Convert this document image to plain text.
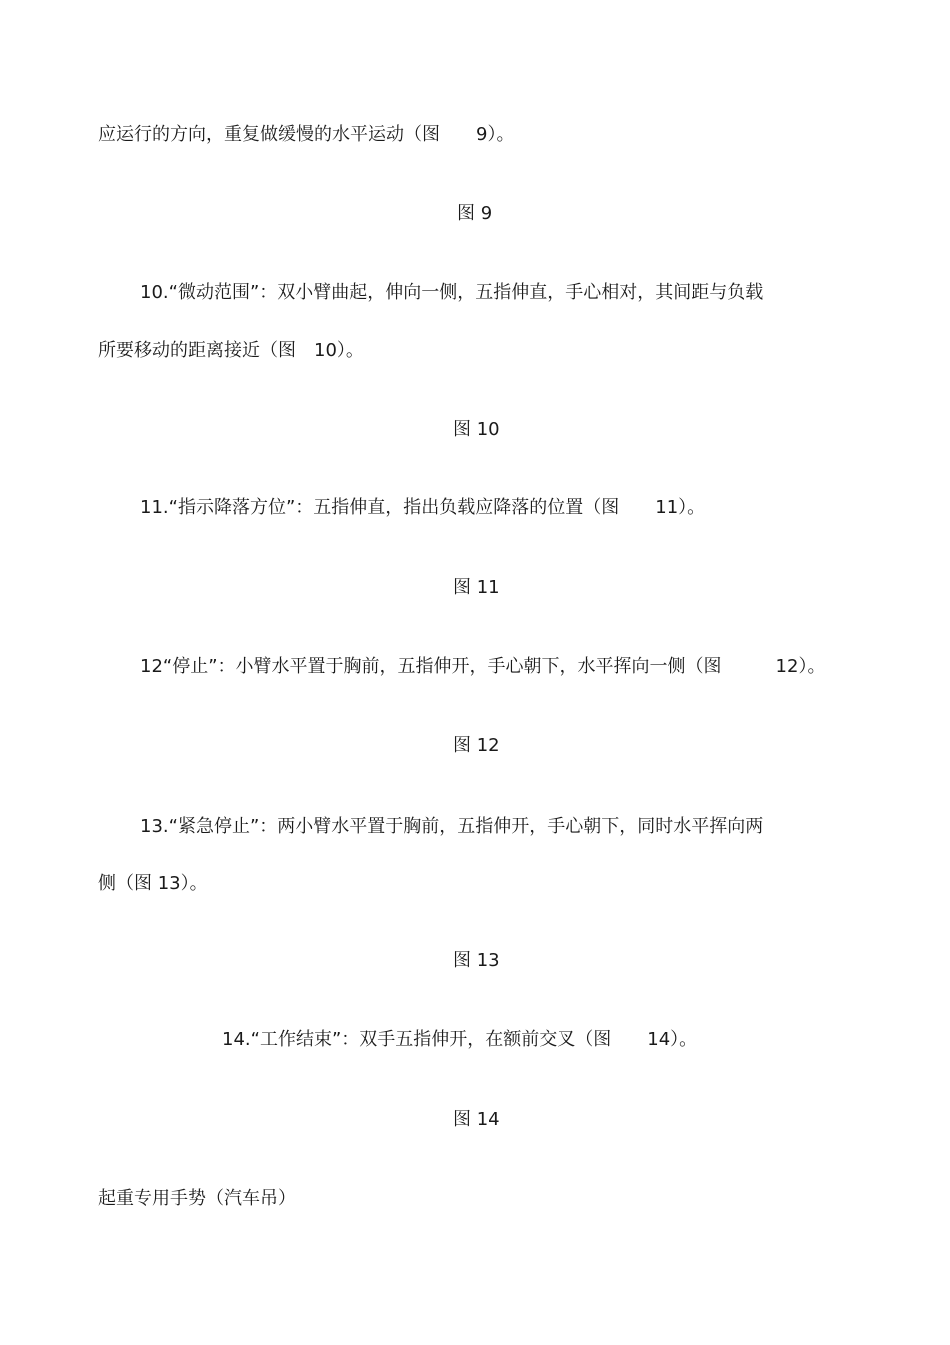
应运行的方向，重复做缓慢的水平运动（图　　9）。
图 9
10.“微动范围”：双小臂曲起，伸向一侧，五指伸直，手心相对，其间距与负载
所要移动的距离接近（图　10）。
图 10
11.“指示降落方位”：五指伸直，指出负载应降落的位置（图　　11）。
图 11
12“停止”：小臂水平置于胸前，五指伸开，手心朝下，水平挥向一侧（图　　　12）。
图 12
13.“紧急停止”：两小臂水平置于胸前，五指伸开，手心朝下，同时水平挥向两
侧（图 13）。
图 13
14.“工作结束”：双手五指伸开，在额前交叉（图　　14）。
图 14
起重专用手势（汽车吊）
